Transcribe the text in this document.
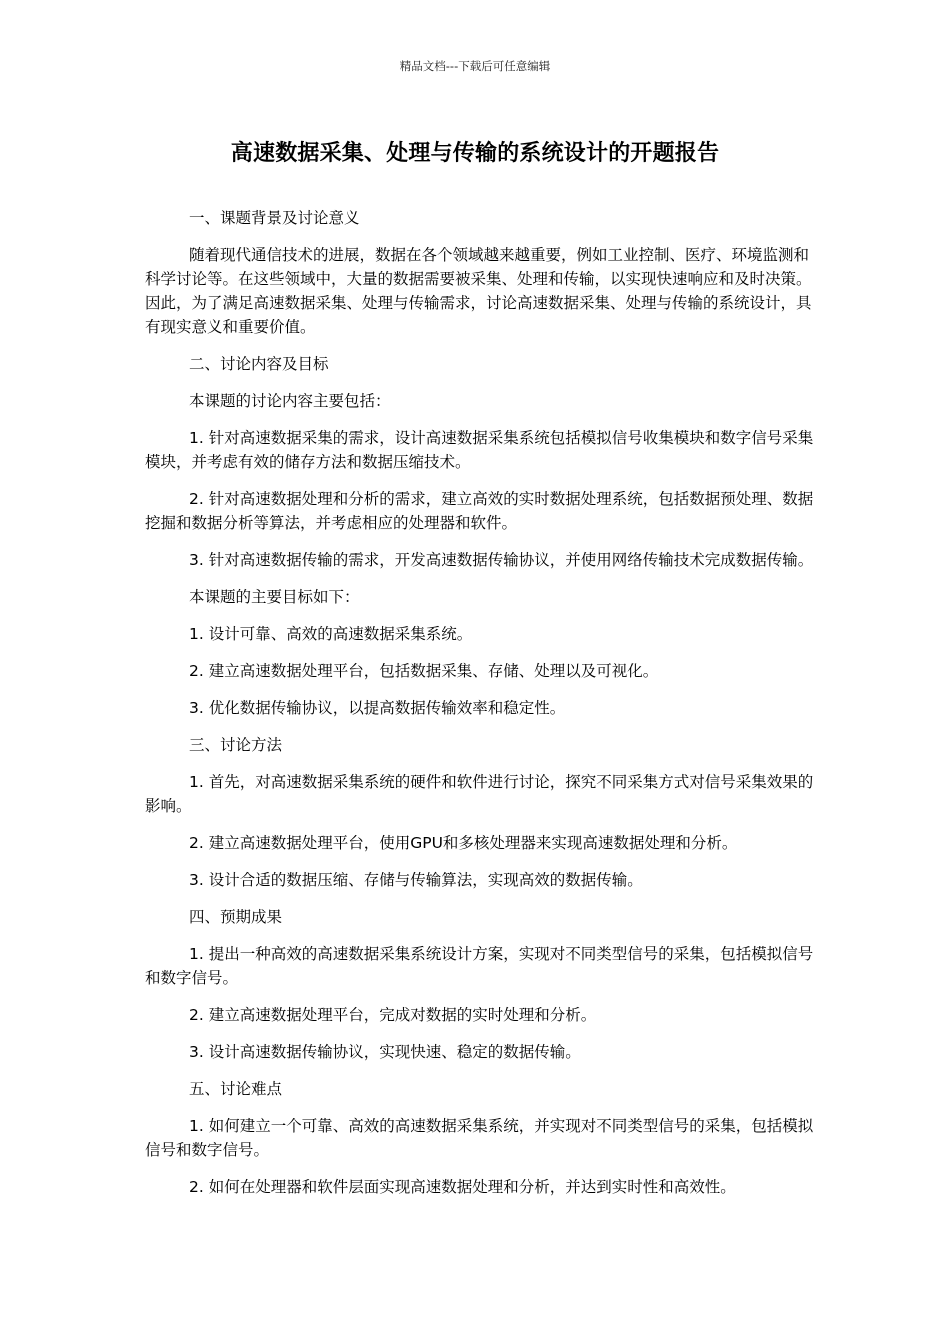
精品文档---下载后可任意编辑
高速数据采集、处理与传输的系统设计的开题报告

一、课题背景及讨论意义

随着现代通信技术的进展，数据在各个领域越来越重要，例如工业控制、医疗、环境监测和科学讨论等。在这些领域中，大量的数据需要被采集、处理和传输，以实现快速响应和及时决策。因此，为了满足高速数据采集、处理与传输需求，讨论高速数据采集、处理与传输的系统设计，具有现实意义和重要价值。

二、讨论内容及目标

本课题的讨论内容主要包括：

1. 针对高速数据采集的需求，设计高速数据采集系统包括模拟信号收集模块和数字信号采集模块，并考虑有效的储存方法和数据压缩技术。

2. 针对高速数据处理和分析的需求，建立高效的实时数据处理系统，包括数据预处理、数据挖掘和数据分析等算法，并考虑相应的处理器和软件。

3. 针对高速数据传输的需求，开发高速数据传输协议，并使用网络传输技术完成数据传输。

本课题的主要目标如下：

1. 设计可靠、高效的高速数据采集系统。

2. 建立高速数据处理平台，包括数据采集、存储、处理以及可视化。

3. 优化数据传输协议，以提高数据传输效率和稳定性。

三、讨论方法

1. 首先，对高速数据采集系统的硬件和软件进行讨论，探究不同采集方式对信号采集效果的影响。

2. 建立高速数据处理平台，使用GPU和多核处理器来实现高速数据处理和分析。

3. 设计合适的数据压缩、存储与传输算法，实现高效的数据传输。

四、预期成果

1. 提出一种高效的高速数据采集系统设计方案，实现对不同类型信号的采集，包括模拟信号和数字信号。

2. 建立高速数据处理平台，完成对数据的实时处理和分析。

3. 设计高速数据传输协议，实现快速、稳定的数据传输。

五、讨论难点

1. 如何建立一个可靠、高效的高速数据采集系统，并实现对不同类型信号的采集，包括模拟信号和数字信号。

2. 如何在处理器和软件层面实现高速数据处理和分析，并达到实时性和高效性。
